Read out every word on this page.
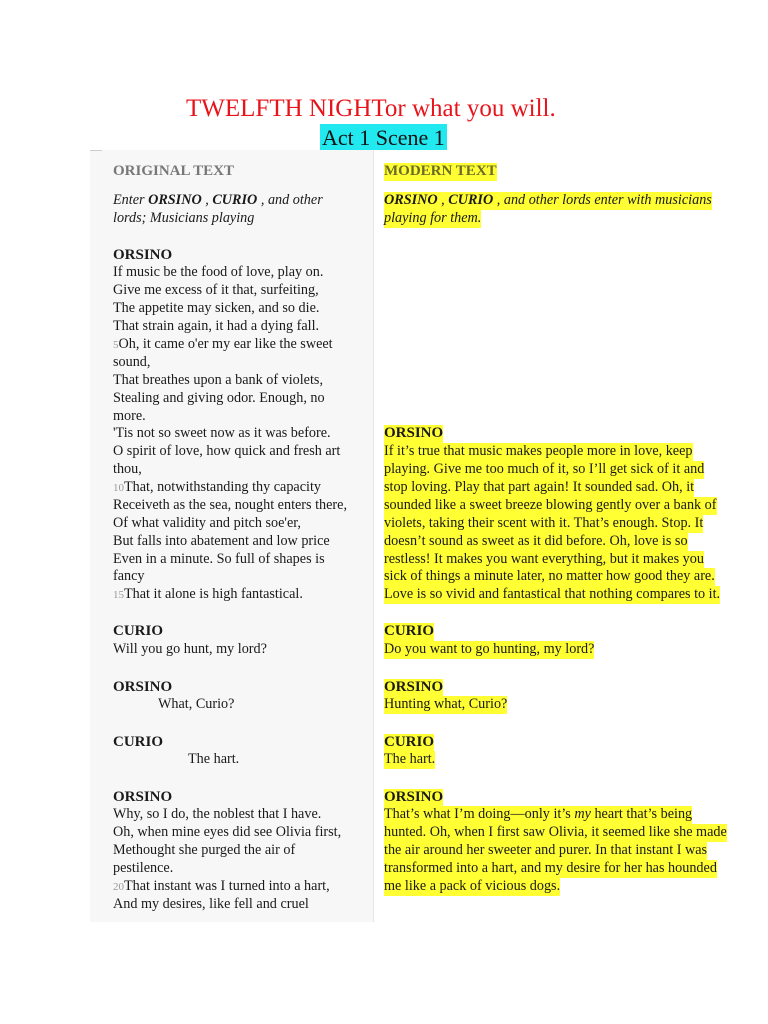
TWELFTH NIGHTor what you will.
Act 1 Scene 1
ORIGINAL TEXT
Enter ORSINO , CURIO , and other
lords; Musicians playing
ORSINO
If music be the food of love, play on.
Give me excess of it that, surfeiting,
The appetite may sicken, and so die.
That strain again, it had a dying fall.
5Oh, it came o'er my ear like the sweet
sound,
That breathes upon a bank of violets,
Stealing and giving odor. Enough, no
more.
'Tis not so sweet now as it was before.
O spirit of love, how quick and fresh art
thou,
10That, notwithstanding thy capacity
Receiveth as the sea, nought enters there,
Of what validity and pitch soe'er,
But falls into abatement and low price
Even in a minute. So full of shapes is
fancy
15That it alone is high fantastical.
CURIO
Will you go hunt, my lord?
ORSINO
What, Curio?
CURIO
The hart.
ORSINO
Why, so I do, the noblest that I have.
Oh, when mine eyes did see Olivia first,
Methought she purged the air of
pestilence.
20That instant was I turned into a hart,
And my desires, like fell and cruel
MODERN TEXT
ORSINO , CURIO , and other lords enter with musicians
playing for them.
ORSINO
If it’s true that music makes people more in love, keep
playing. Give me too much of it, so I’ll get sick of it and
stop loving. Play that part again! It sounded sad. Oh, it
sounded like a sweet breeze blowing gently over a bank of
violets, taking their scent with it. That’s enough. Stop. It
doesn’t sound as sweet as it did before. Oh, love is so
restless! It makes you want everything, but it makes you
sick of things a minute later, no matter how good they are.
Love is so vivid and fantastical that nothing compares to it.
CURIO
Do you want to go hunting, my lord?
ORSINO
Hunting what, Curio?
CURIO
The hart.
ORSINO
That’s what I’m doing—only it’s my heart that’s being
hunted. Oh, when I first saw Olivia, it seemed like she made
the air around her sweeter and purer. In that instant I was
transformed into a hart, and my desire for her has hounded
me like a pack of vicious dogs.
